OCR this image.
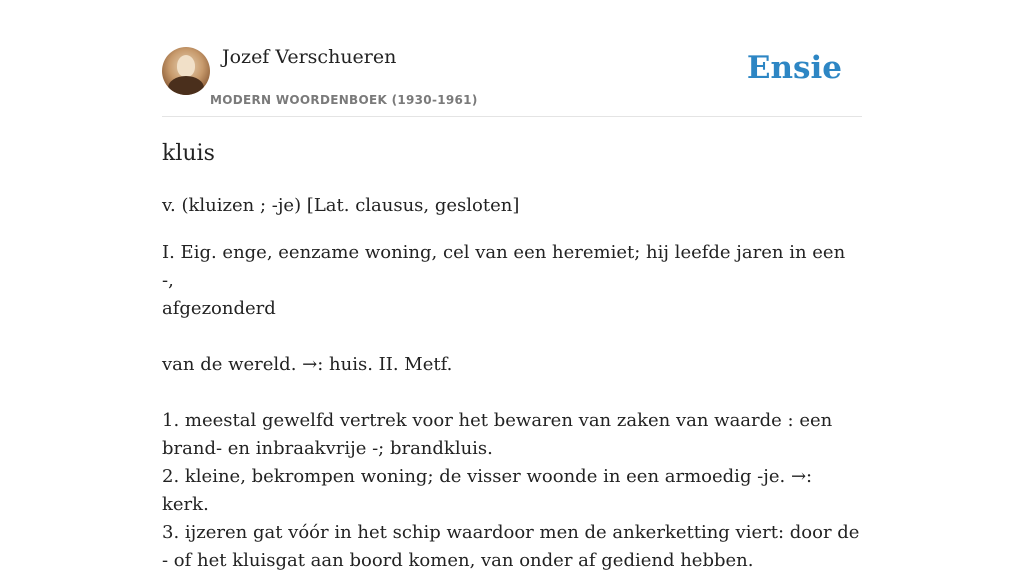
Jozef Verschueren
MODERN WOORDENBOEK (1930-1961)
Ensie
kluis

v. (kluizen ; -je) [Lat. clausus, gesloten]

I. Eig. enge, eenzame woning, cel van een heremiet; hij leefde jaren in een -,

afgezonderd

van de wereld. →: huis. II. Metf.

1. meestal gewelfd vertrek voor het bewaren van zaken van waarde : een brand- en inbraakvrije -; brandkluis.

2. kleine, bekrompen woning; de visser woonde in een armoedig -je. →: kerk.

3. ijzeren gat vóór in het schip waardoor men de ankerketting viert: door de - of het kluisgat aan boord komen, van onder af gediend hebben.
